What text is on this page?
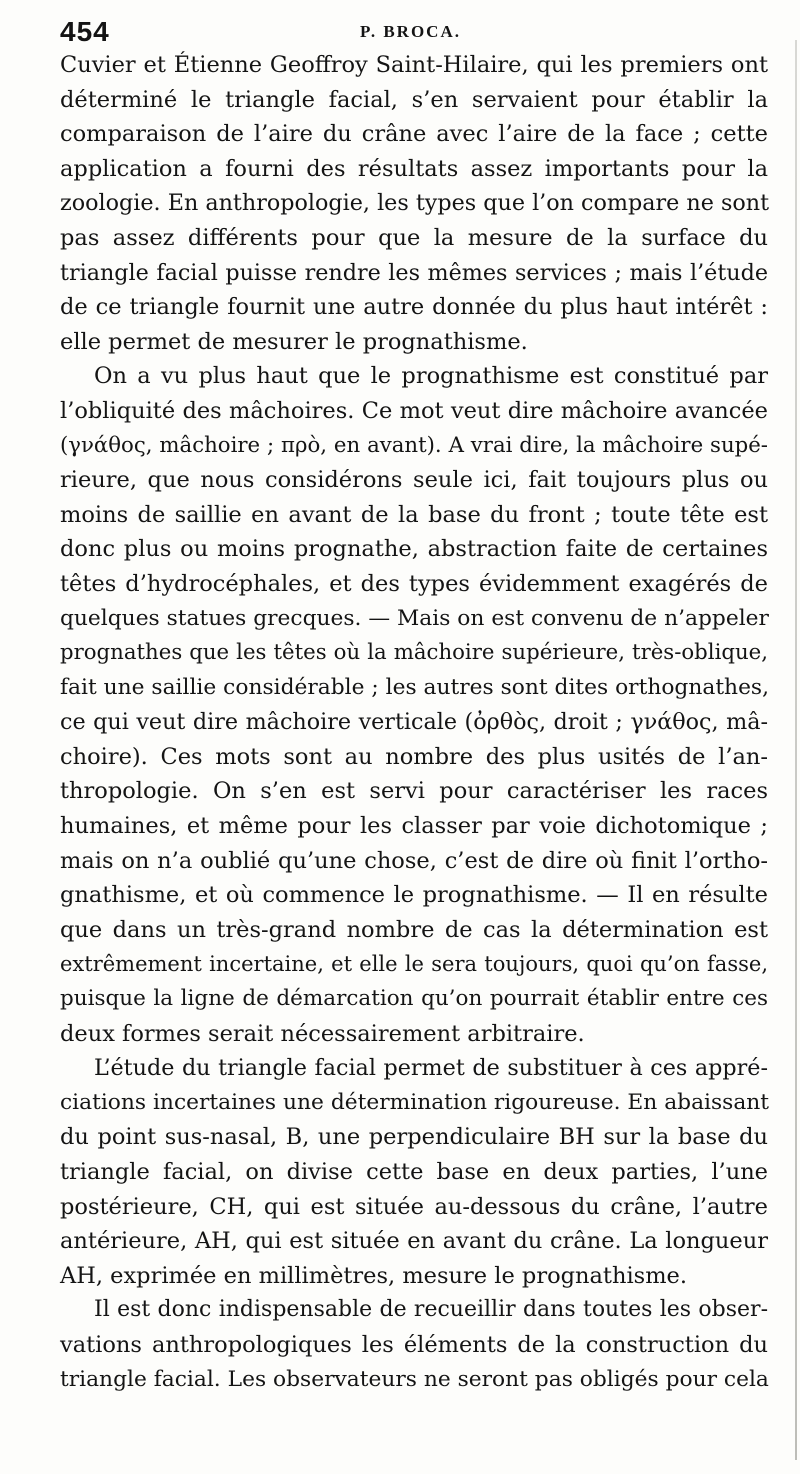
454	P. BROCA.
Cuvier et Étienne Geoffroy Saint-Hilaire, qui les premiers ont
déterminé le triangle facial, s’en servaient pour établir la
comparaison de l’aire du crâne avec l’aire de la face ; cette
application a fourni des résultats assez importants pour la
zoologie. En anthropologie, les types que l’on compare ne sont
pas assez différents pour que la mesure de la surface du
triangle facial puisse rendre les mêmes services ; mais l’étude
de ce triangle fournit une autre donnée du plus haut intérêt :
elle permet de mesurer le prognathisme.
On a vu plus haut que le prognathisme est constitué par
l’obliquité des mâchoires. Ce mot veut dire mâchoire avancée
(γνάθος, mâchoire ; πρὸ, en avant). A vrai dire, la mâchoire supé-
rieure, que nous considérons seule ici, fait toujours plus ou
moins de saillie en avant de la base du front ; toute tête est
donc plus ou moins prognathe, abstraction faite de certaines
têtes d’hydrocéphales, et des types évidemment exagérés de
quelques statues grecques. — Mais on est convenu de n’appeler
prognathes que les têtes où la mâchoire supérieure, très-oblique,
fait une saillie considérable ; les autres sont dites orthognathes,
ce qui veut dire mâchoire verticale (ὀρθὸς, droit ; γνάθος, mâ-
choire). Ces mots sont au nombre des plus usités de l’an-
thropologie. On s’en est servi pour caractériser les races
humaines, et même pour les classer par voie dichotomique ;
mais on n’a oublié qu’une chose, c’est de dire où finit l’ortho-
gnathisme, et où commence le prognathisme. — Il en résulte
que dans un très-grand nombre de cas la détermination est
extrêmement incertaine, et elle le sera toujours, quoi qu’on fasse,
puisque la ligne de démarcation qu’on pourrait établir entre ces
deux formes serait nécessairement arbitraire.
L’étude du triangle facial permet de substituer à ces appré-
ciations incertaines une détermination rigoureuse. En abaissant
du point sus-nasal, B, une perpendiculaire BH sur la base du
triangle facial, on divise cette base en deux parties, l’une
postérieure, CH, qui est située au-dessous du crâne, l’autre
antérieure, AH, qui est située en avant du crâne. La longueur
AH, exprimée en millimètres, mesure le prognathisme.
Il est donc indispensable de recueillir dans toutes les obser-
vations anthropologiques les éléments de la construction du
triangle facial. Les observateurs ne seront pas obligés pour cela
